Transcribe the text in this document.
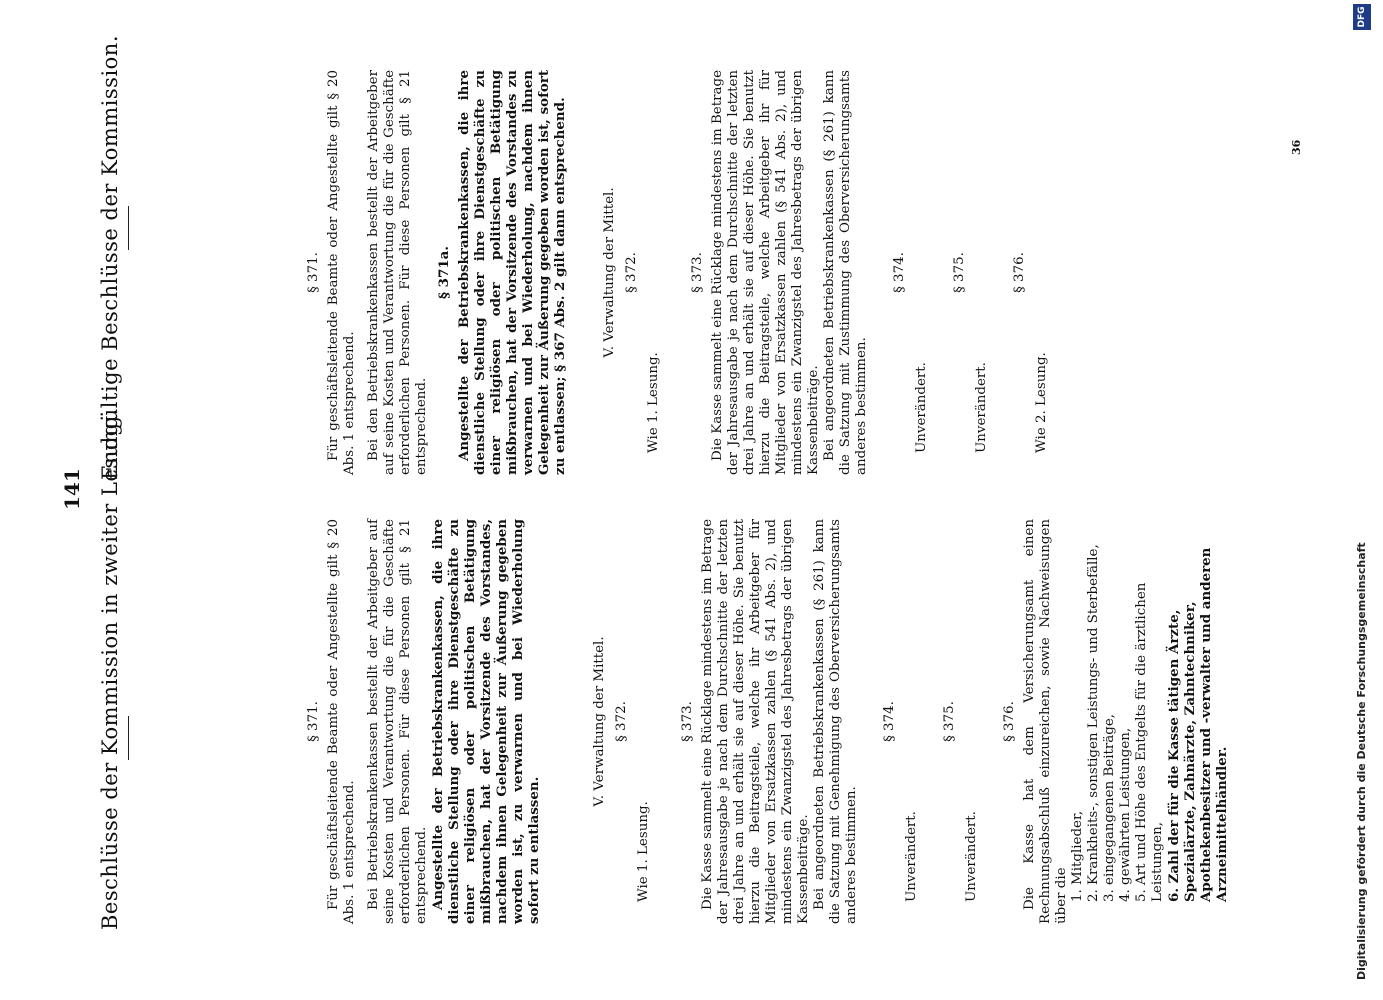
141 Beschlüsse der Kommission in zweiter Lesung.
Endgültige Beschlüsse der Kommission.
§ 371. Für geschäftsleitende Beamte oder Angestellte gilt § 20 Abs. 1 entsprechend. Bei Betriebskrankenkassen bestellt der Arbeitgeber auf seine Kosten und Verantwortung die für die Geschäfte erforderlichen Personen. Für diese Personen gilt § 21 entsprechend. Angestellte der Betriebskrankenkassen, die ihre dienstliche Stellung oder ihre Dienstgeschäfte zu einer religiösen oder politischen Betätigung mißbrauchen, hat der Vorsitzende des Vorstandes, nachdem ihnen Gelegenheit zur Äußerung gegeben worden ist, zu verwarnen und bei Wiederholung sofort zu entlassen.

V. Verwaltung der Mittel. § 372.

Wie 1. Lesung.

§ 373. Die Kasse sammelt eine Rücklage mindestens im Betrage der Jahresausgabe je nach dem Durchschnitte der letzten drei Jahre an und erhält sie auf dieser Höhe. Sie benutzt hierzu die Beitragsteile, welche ihr Arbeitgeber für Mitglieder von Ersatzkassen zahlen (§ 541 Abs. 2), und mindestens ein Zwanzigstel des Jahresbetrags der übrigen Kassenbeiträge. Bei angeordneten Betriebskrankenkassen (§ 261) kann die Satzung mit Genehmigung des Oberversicherungsamts anderes bestimmen.

§ 374.

Unverändert.

§ 375.

Unverändert.

§ 376. Die Kasse hat dem Versicherungsamt einen Rechnungsabschluß einzureichen, sowie Nachweisungen über die 1. Mitglieder, 2. Krankheits-, sonstigen Leistungs- und Sterbefälle, 3. eingegangenen Beiträge, 4. gewährten Leistungen, 5. Art und Höhe des Entgelts für die ärztlichen Leistungen, 6. Zahl der für die Kasse tätigen Ärzte, Spezialärzte, Zahnärzte, Zahntechniker, Apothekenbesitzer und -verwalter und anderen Arzneimittelhändler.
§ 371. Für geschäftsleitende Beamte oder Angestellte gilt § 20 Abs. 1 entsprechend. Bei den Betriebskrankenkassen bestellt der Arbeitgeber auf seine Kosten und Verantwortung die für die Geschäfte erforderlichen Personen. Für diese Personen gilt § 21 entsprechend.

§ 371a. Angestellte der Betriebskrankenkassen, die ihre dienstliche Stellung oder ihre Dienstgeschäfte zu einer religiösen oder politischen Betätigung mißbrauchen, hat der Vorsitzende des Vorstandes zu verwarnen und bei Wiederholung, nachdem ihnen Gelegenheit zur Äußerung gegeben worden ist, sofort zu entlassen; § 367 Abs. 2 gilt dann entsprechend.	V. Verwaltung der Mittel. § 372.

Wie 1. Lesung.

§ 373. Die Kasse sammelt eine Rücklage mindestens im Betrage der Jahresausgabe je nach dem Durchschnitte der letzten drei Jahre an und erhält sie auf dieser Höhe. Sie benutzt hierzu die Beitragsteile, welche Arbeitgeber ihr für Mitglieder von Ersatzkassen zahlen (§ 541 Abs. 2), und mindestens ein Zwanzigstel des Jahresbetrags der übrigen Kassenbeiträge. Bei angeordneten Betriebskrankenkassen (§ 261) kann die Satzung mit Zustimmung des Oberversicherungsamts anderes bestimmen.

§ 374.

Unverändert.

§ 375.

Unverändert.

§ 376.

Wie 2. Lesung.

36
Digitalisierung gefördert durch die Deutsche Forschungsgemeinschaft
DFG
